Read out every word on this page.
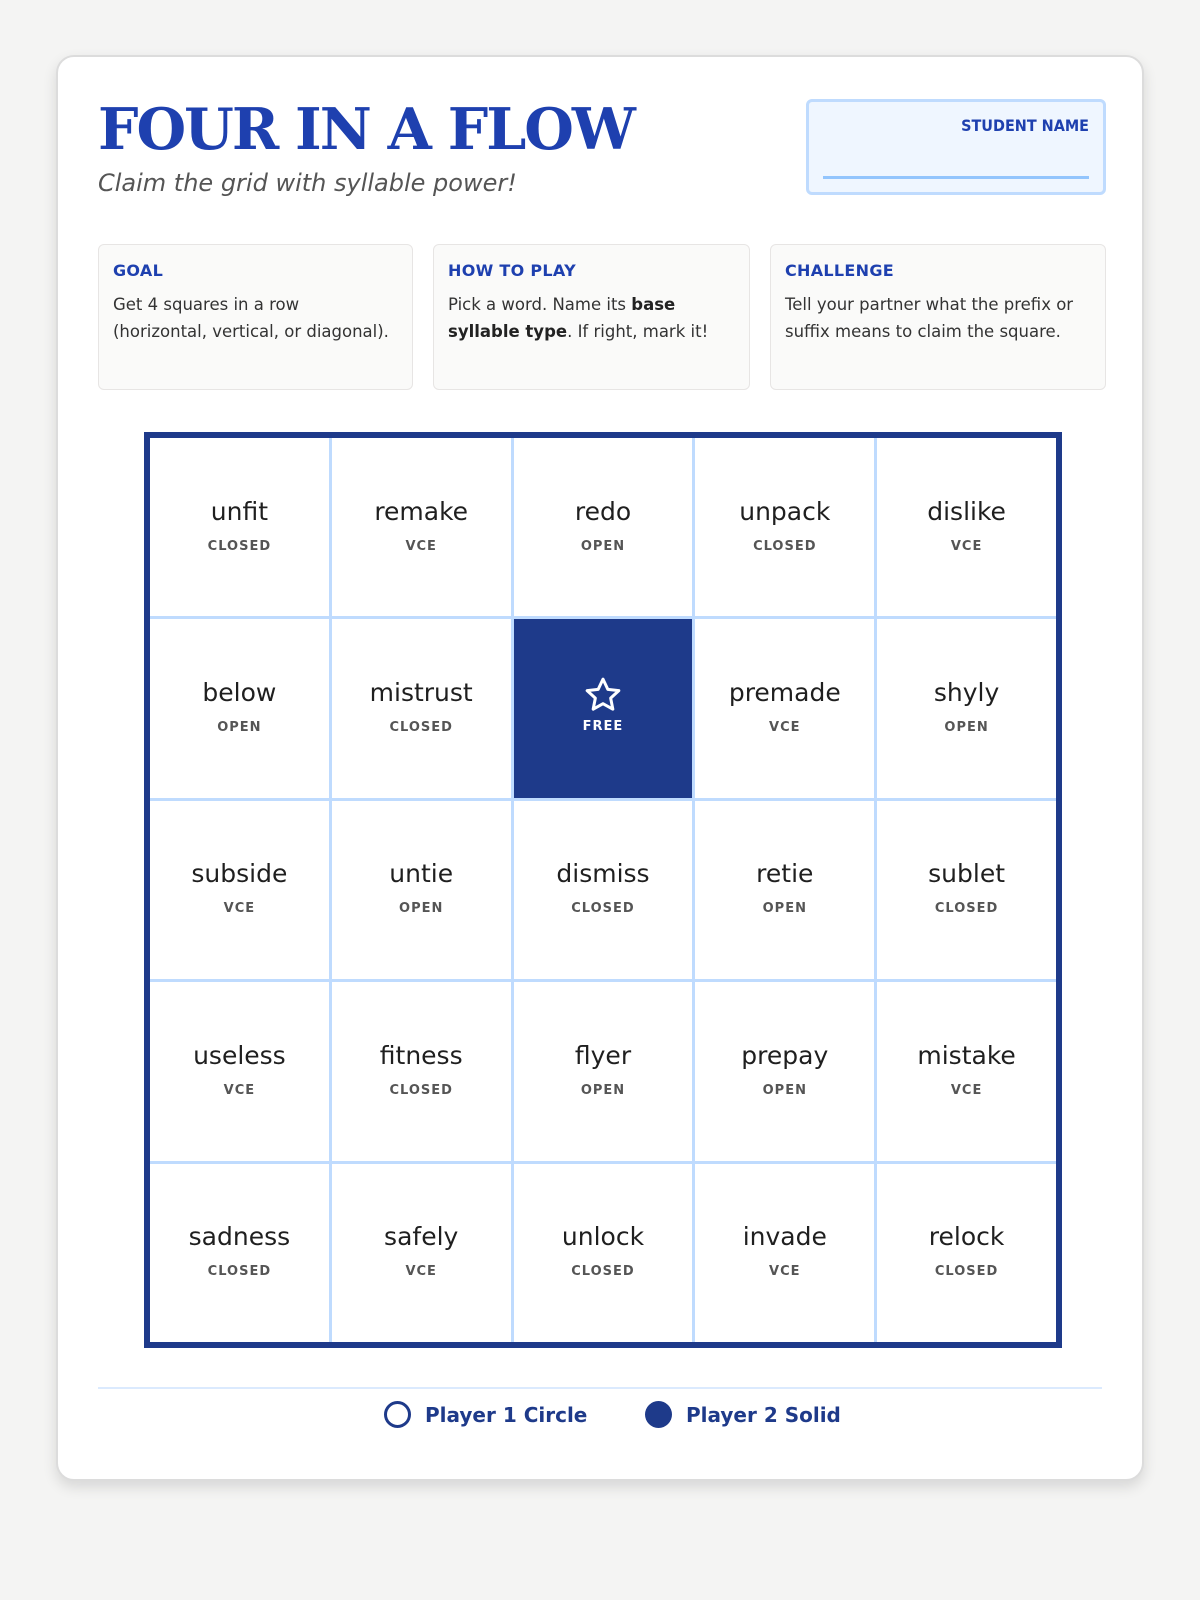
FOUR IN A FLOW

Claim the grid with syllable power!

STUDENT NAME
GOAL

Get 4 squares in a row (horizontal, vertical, or diagonal).

HOW TO PLAY

Pick a word. Name its base syllable type. If right, mark it!

CHALLENGE

Tell your partner what the prefix or suffix means to claim the square.

unfit
CLOSED
remake
VCE
redo
OPEN
unpack
CLOSED
dislike
VCE
below
OPEN
mistrust
CLOSED	FREE
premade
VCE
shyly
OPEN
subside
VCE
untie
OPEN
dismiss
CLOSED
retie
OPEN
sublet
CLOSED
useless
VCE
fitness
CLOSED
flyer
OPEN
prepay
OPEN
mistake
VCE
sadness
CLOSED
safely
VCE
unlock
CLOSED
invade
VCE
relock
CLOSED
Player 1 Circle	Player 2 Solid
